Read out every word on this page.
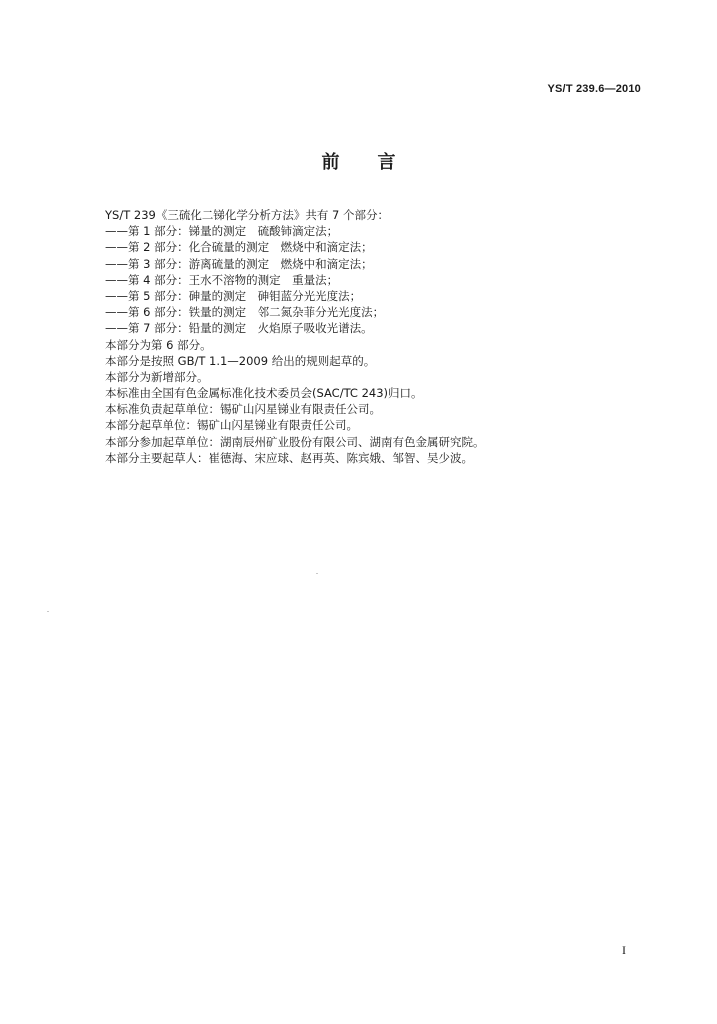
YS/T 239.6—2010
前言
YS/T 239《三硫化二锑化学分析方法》共有 7 个部分：
——第 1 部分：锑量的测定　硫酸铈滴定法；
——第 2 部分：化合硫量的测定　燃烧中和滴定法；
——第 3 部分：游离硫量的测定　燃烧中和滴定法；
——第 4 部分：王水不溶物的测定　重量法；
——第 5 部分：砷量的测定　砷钼蓝分光光度法；
——第 6 部分：铁量的测定　邻二氮杂菲分光光度法；
——第 7 部分：铅量的测定　火焰原子吸收光谱法。
本部分为第 6 部分。
本部分是按照 GB/T 1.1—2009 给出的规则起草的。
本部分为新增部分。
本标准由全国有色金属标准化技术委员会(SAC/TC 243)归口。
本标准负责起草单位：锡矿山闪星锑业有限责任公司。
本部分起草单位：锡矿山闪星锑业有限责任公司。
本部分参加起草单位：湖南辰州矿业股份有限公司、湖南有色金属研究院。
本部分主要起草人：崔德海、宋应球、赵再英、陈宾娥、邹智、吴少波。
I
